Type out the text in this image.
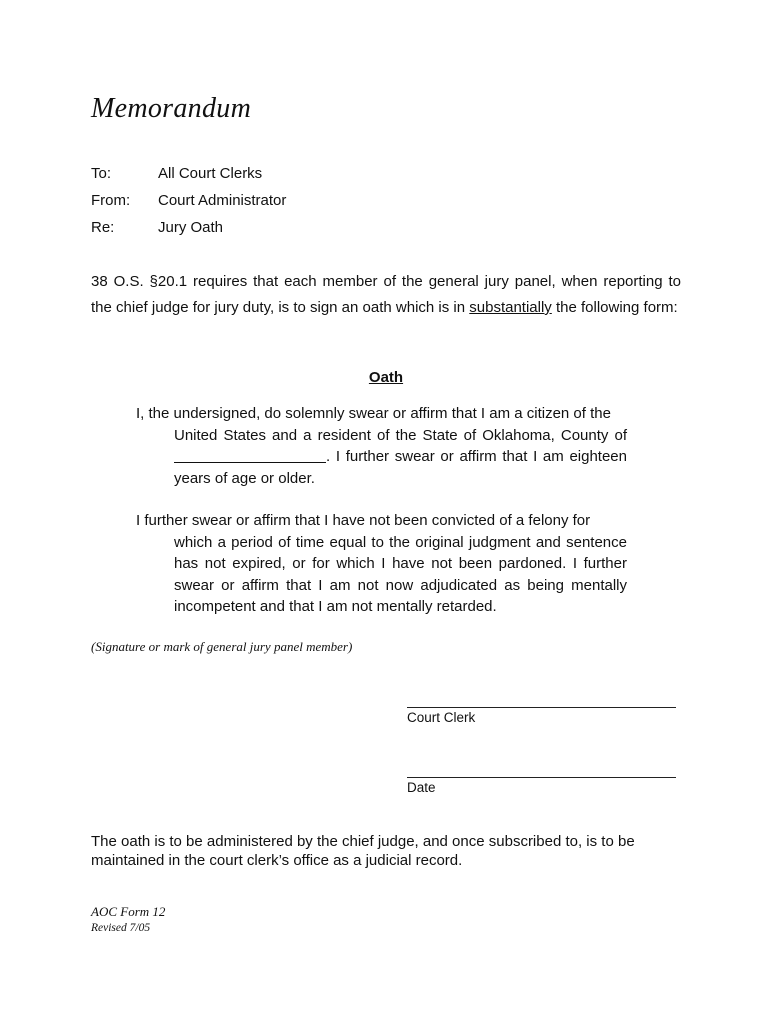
Memorandum
To:	All Court Clerks
From: Court Administrator
Re:	Jury Oath
38 O.S. §20.1 requires that each member of the general jury panel, when reporting to the chief judge for jury duty, is to sign an oath which is in substantially the following form:
Oath
I, the undersigned, do solemnly swear or affirm that I am a citizen of the
United States and a resident of the State of Oklahoma, County of . I further swear or affirm that I am eighteen years of age or older.
I further swear or affirm that I have not been convicted of a felony for
which a period of time equal to the original judgment and sentence has not expired, or for which I have not been pardoned. I further swear or affirm that I am not now adjudicated as being mentally incompetent and that I am not mentally retarded.
(Signature or mark of general jury panel member)
Court Clerk
Date
The oath is to be administered by the chief judge, and once subscribed to, is to be maintained in the court clerk’s office as a judicial record.
AOC Form 12
Revised 7/05
